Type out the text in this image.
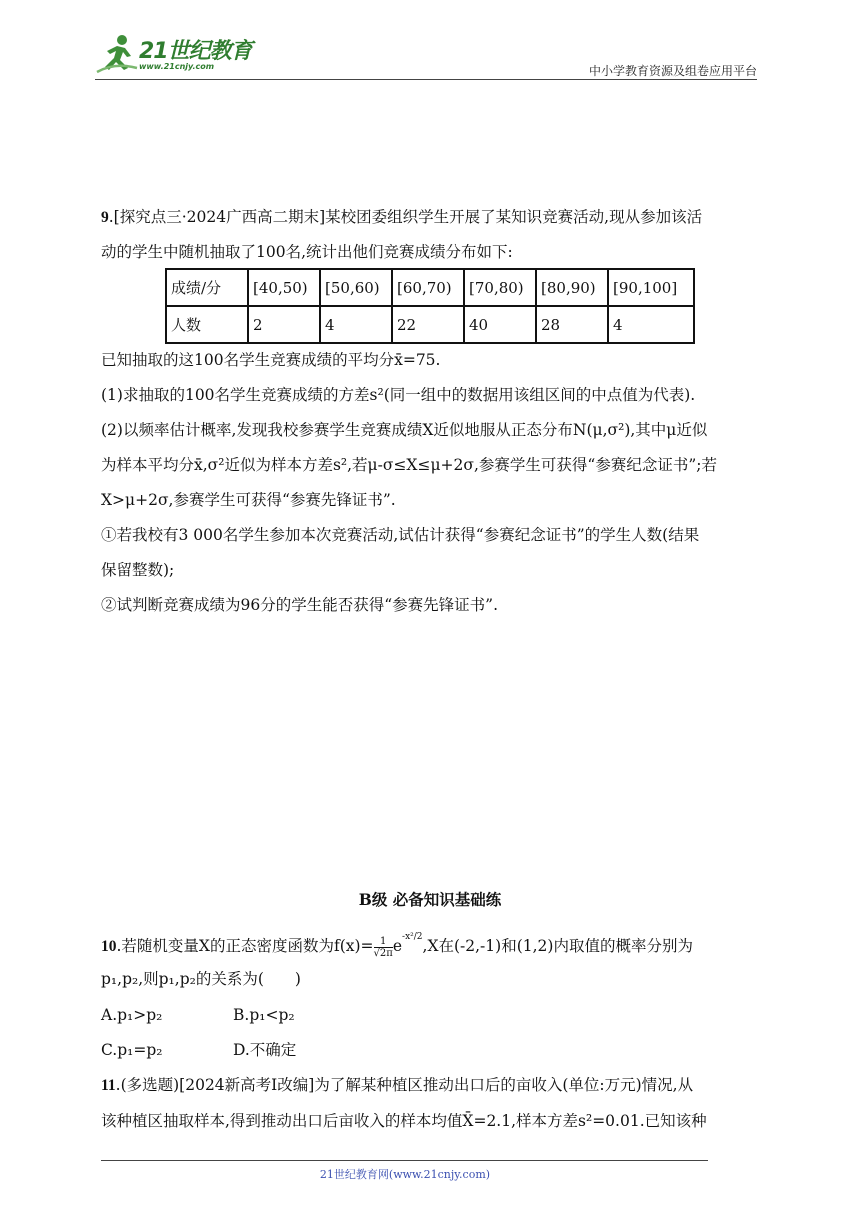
21世纪教育
www.21cnjy.com	中小学教育资源及组卷应用平台
9.[探究点三·2024广西高二期末]某校团委组织学生开展了某知识竞赛活动,现从参加该活
动的学生中随机抽取了100名,统计出他们竞赛成绩分布如下:
已知抽取的这100名学生竞赛成绩的平均分x̄=75.
(1)求抽取的100名学生竞赛成绩的方差s²(同一组中的数据用该组区间的中点值为代表).
(2)以频率估计概率,发现我校参赛学生竞赛成绩X近似地服从正态分布N(μ,σ²),其中μ近似
为样本平均分x̄,σ²近似为样本方差s²,若μ-σ≤X≤μ+2σ,参赛学生可获得“参赛纪念证书”;若
X>μ+2σ,参赛学生可获得“参赛先锋证书”.
①若我校有3 000名学生参加本次竞赛活动,试估计获得“参赛纪念证书”的学生人数(结果
保留整数);
②试判断竞赛成绩为96分的学生能否获得“参赛先锋证书”.
成绩/分	[40,50)	[50,60)	[60,70)	[70,80)	[80,90)	[90,100]
人数	2	4	22	40	28	4
B级 必备知识基础练
10.若随机变量X的正态密度函数为$f(x)= \frac{1}{√2\pi} e^{-x^2/2},X$在(-2,-1)和(1,2)内取值的概率分别为
p₁,p₂,则p₁,p₂的关系为(　　)
A.p₁>p₂	B.p₁<p₂
C.p₁=p₂	D.不确定
11.(多选题)[2024新高考Ⅰ改编]为了解某种植区推动出口后的亩收入(单位:万元)情况,从
该种植区抽取样本,得到推动出口后亩收入的样本均值X̄=2.1,样本方差s²=0.01.已知该种
21世纪教育网(www.21cnjy.com)
